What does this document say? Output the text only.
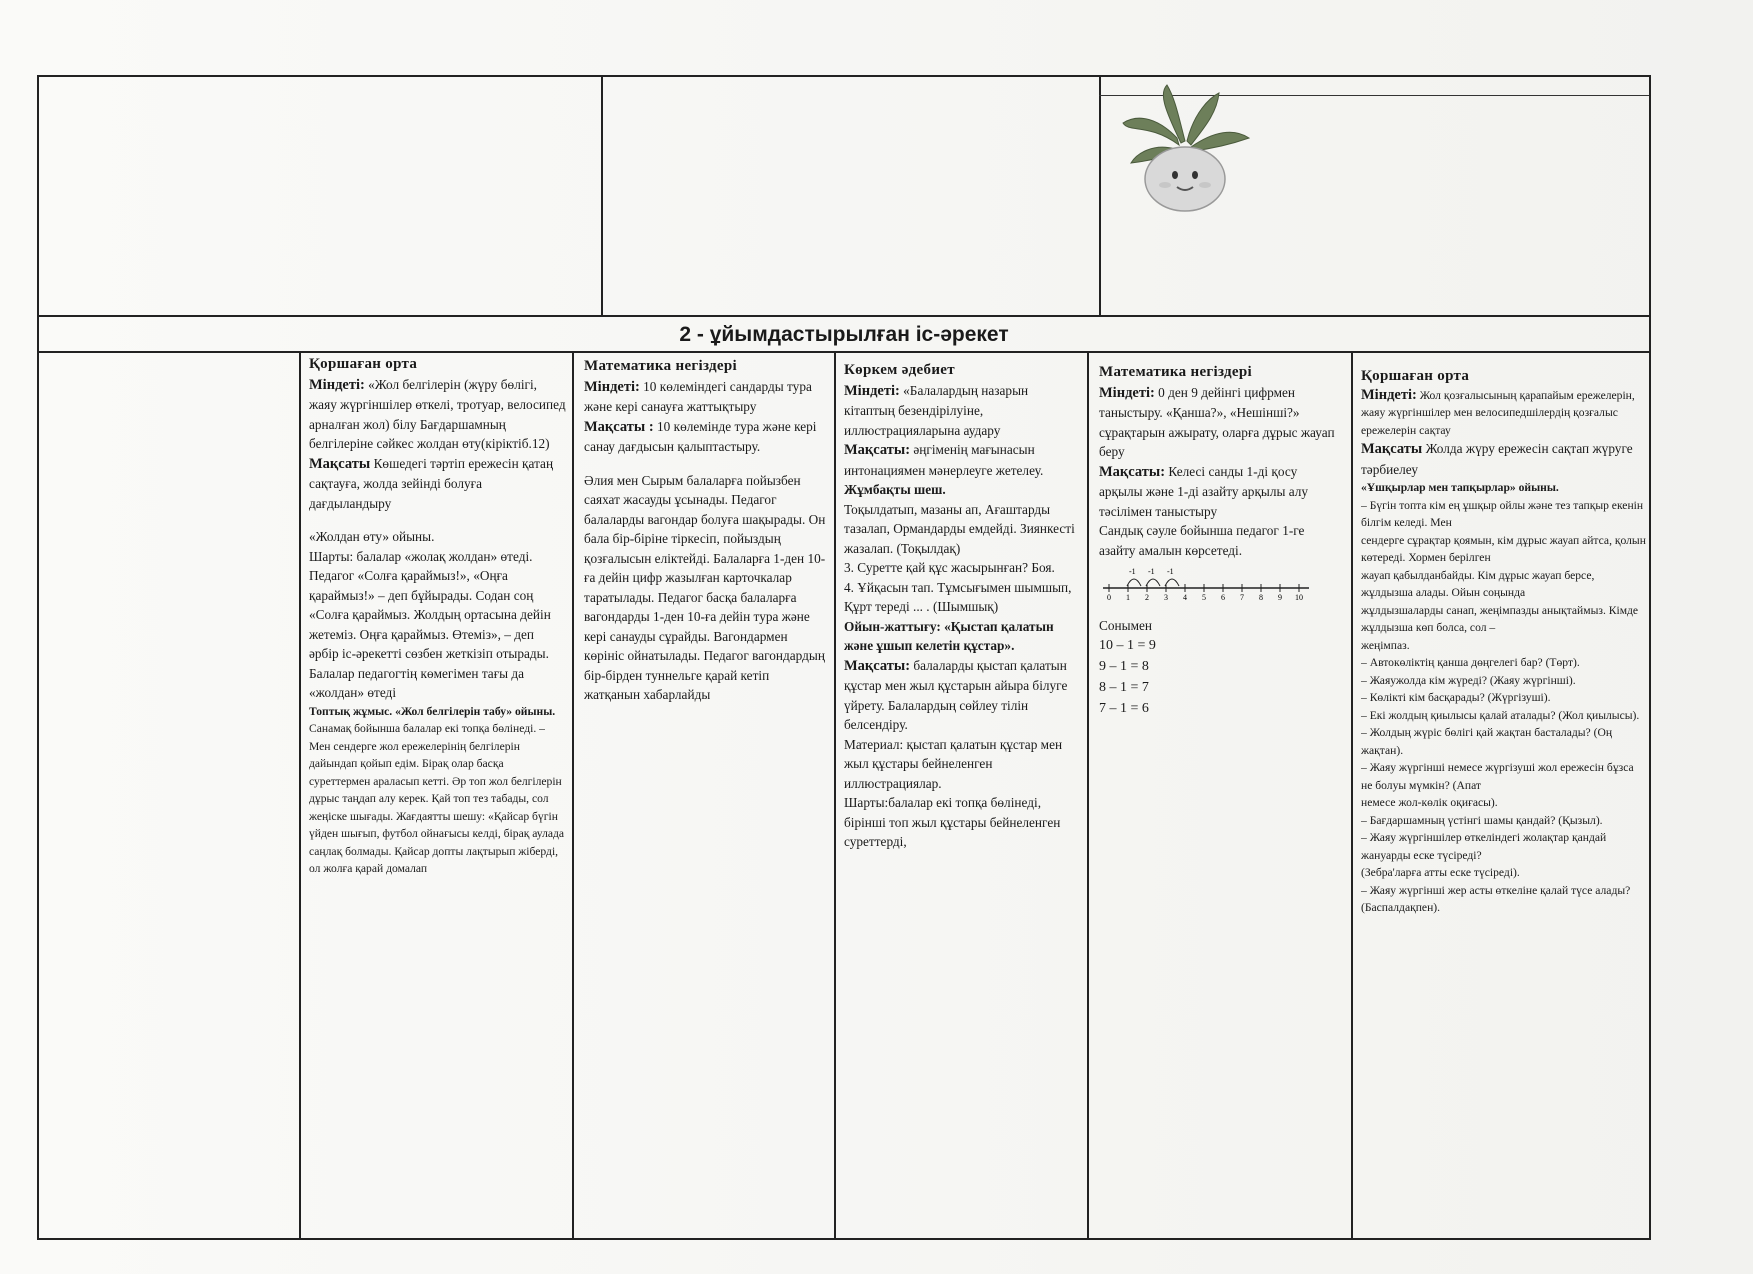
2 - ұйымдастырылған іс-әрекет

Қоршаған орта

Міндеті: «Жол белгілерін (жүру бөлігі, жаяу жүргіншілер өткелі, тротуар, велосипед арналған жол) білу Бағдаршамның белгілеріне сәйкес жолдан өту(кіріктіб.12)

Мақсаты Көшедегі тәртіп ережесін қатаң сақтауға, жолда зейінді болуға дағдыландыру

«Жолдан өту» ойыны.

Шарты: балалар «жолақ жолдан» өтеді. Педагог «Солға қараймыз!», «Оңға қараймыз!» – деп бұйырады. Содан соң «Солға қараймыз. Жолдың ортасына дейін жетеміз. Оңға қараймыз. Өтеміз», – деп әрбір іс-әрекетті сөзбен жеткізіп отырады. Балалар педагогтің көмегімен тағы да «жолдан» өтеді

Топтық жұмыс. «Жол белгілерін табу» ойыны.

Санамақ бойынша балалар екі топқа бөлінеді. – Мен сендерге жол ережелерінің белгілерін дайындап қойып едім. Бірақ олар басқа суреттермен араласып кетті. Әр топ жол белгілерін дұрыс таңдап алу керек. Қай топ тез табады, сол жеңіске шығады. Жағдаятты шешу: «Қайсар бүгін үйден шығып, футбол ойнағысы келді, бірақ аулада саңлақ болмады. Қайсар допты лақтырып жіберді, ол жолға қарай домалап

Математика негіздері

Міндеті: 10 көлеміндегі сандарды тура және кері санауға жаттықтыру

Мақсаты : 10 көлемінде тура және кері санау дағдысын қалыптастыру.

Әлия мен Сырым балаларға пойызбен саяхат жасауды ұсынады. Педагог балаларды вагондар болуға шақырады. Он бала бір-біріне тіркесіп, пойыздың қозғалысын еліктейді. Балаларға 1-ден 10-ға дейін цифр жазылған карточкалар таратылады. Педагог басқа балаларға вагондарды 1-ден 10-ға дейін тура және кері санауды сұрайды. Вагондармен көрініс ойнатылады. Педагог вагондардың бір-бірден туннельге қарай кетіп жатқанын хабарлайды

Көркем әдебиет

Міндеті: «Балалардың назарын кітаптың безендірілуіне, иллюстрацияларына аудару

Мақсаты: әңгіменің мағынасын интонациямен мәнерлеуге жетелеу.

Жұмбақты шеш.

Тоқылдатып, мазаны ап, Ағаштарды тазалап, Ормандарды емдейді. Зиянкесті жазалап. (Тоқылдақ)

3. Суретте қай құс жасырынған? Боя.

4. Ұйқасын тап. Тұмсығымен шымшып, Құрт тереді ... . (Шымшық)

Ойын-жаттығу: «Қыстап қалатын және ұшып келетін құстар».

Мақсаты: балаларды қыстап қалатын құстар мен жыл құстарын айыра білуге үйрету. Балалардың сөйлеу тілін белсендіру.

Материал: қыстап қалатын құстар мен жыл құстары бейнеленген иллюстрациялар.

Шарты:балалар екі топқа бөлінеді, бірінші топ жыл құстары бейнеленген суреттерді,

Математика негіздері

Міндеті: 0 ден 9 дейінгі цифрмен таныстыру. «Қанша?», «Нешінші?» сұрақтарын ажырату, оларға дұрыс жауап беру

Мақсаты: Келесі санды 1-ді қосу арқылы және 1-ді азайту арқылы алу тәсілімен таныстыру

Сандық сәуле бойынша педагог 1-ге азайту амалын көрсетеді.

-1 -1 -1
0 1 2 3 4 5 6 7 8 9 10

Сонымен

10 – 1 = 9

9 – 1 = 8

8 – 1 = 7

7 – 1 = 6

Қоршаған орта

Міндеті: Жол қозғалысының қарапайым ережелерін, жаяу жүргіншілер мен велосипедшілердің қозғалыс ережелерін сақтау

Мақсаты Жолда жүру ережесін сақтап жүруге тәрбиелеу

«Ұшқырлар мен тапқырлар» ойыны.

– Бүгін топта кім ең ұшқыр ойлы және тез тапқыр екенін білгім келеді. Мен

сендерге сұрақтар қоямын, кім дұрыс жауап айтса, қолын көтереді. Хормен берілген

жауап қабылданбайды. Кім дұрыс жауап берсе, жұлдызша алады. Ойын соңында

жұлдызшаларды санап, жеңімпазды анықтаймыз. Кімде жұлдызша көп болса, сол –

жеңімпаз.

– Автокөліктің қанша дөңгелегі бар? (Төрт).

– Жаяужолда кім жүреді? (Жаяу жүргінші).

– Көлікті кім басқарады? (Жүргізуші).

– Екі жолдың қиылысы қалай аталады? (Жол қиылысы).

– Жолдың жүріс бөлігі қай жақтан басталады? (Оң жақтан).

– Жаяу жүргінші немесе жүргізуші жол ережесін бұзса не болуы мүмкін? (Апат

немесе жол-көлік оқиғасы).

– Бағдаршамның үстінгі шамы қандай? (Қызыл).

– Жаяу жүргіншілер өткеліндегі жолақтар қандай жануарды еске түсіреді?

(Зебра'ларға атты еске түсіреді).

– Жаяу жүргінші жер асты өткеліне қалай түсе алады? (Баспалдақпен).
